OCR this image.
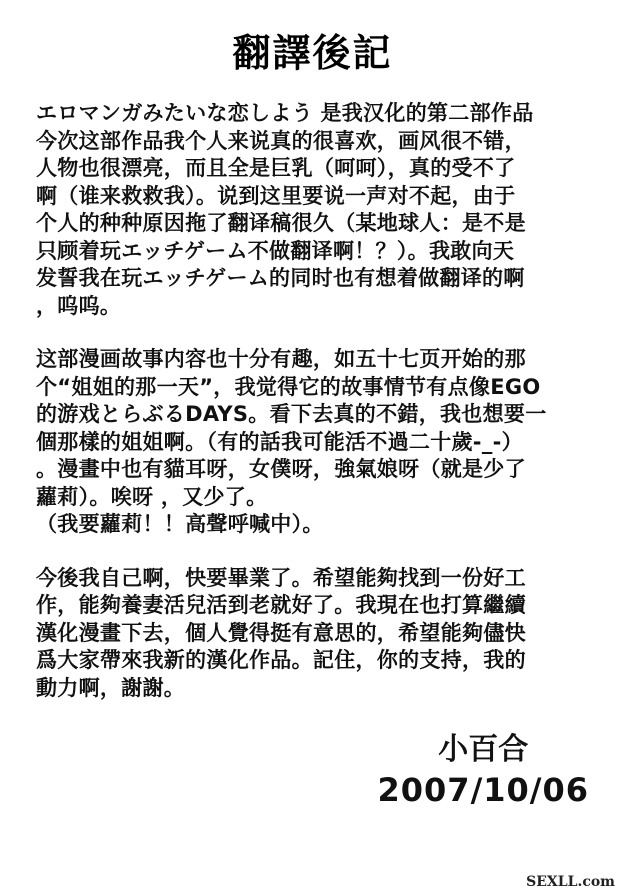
翻譯後記

エロマンガみたいな恋しよう 是我汉化的第二部作品
今次这部作品我个人来说真的很喜欢，画风很不错，
人物也很漂亮，而且全是巨乳（呵呵），真的受不了
啊（谁来救救我）。说到这里要说一声对不起，由于
个人的种种原因拖了翻译稿很久（某地球人：是不是
只顾着玩エッチゲーム不做翻译啊！？）。我敢向天
发誓我在玩エッチゲーム的同时也有想着做翻译的啊
，呜呜。

这部漫画故事内容也十分有趣，如五十七页开始的那
个“姐姐的那一天”，我觉得它的故事情节有点像EGO
的游戏とらぶるDAYS。看下去真的不錯，我也想要一
個那樣的姐姐啊。（有的話我可能活不過二十歲-_-）
。漫畫中也有貓耳呀，女僕呀，強氣娘呀（就是少了
蘿莉）。唉呀 ，又少了。
（我要蘿莉！！高聲呼喊中）。

今後我自己啊，快要畢業了。希望能夠找到一份好工
作，能夠養妻活兒活到老就好了。我現在也打算繼續
漢化漫畫下去，個人覺得挺有意思的，希望能夠儘快
爲大家帶來我新的漢化作品。記住，你的支持，我的
動力啊，謝謝。

小百合
2007/10/06
SEXLL.com
